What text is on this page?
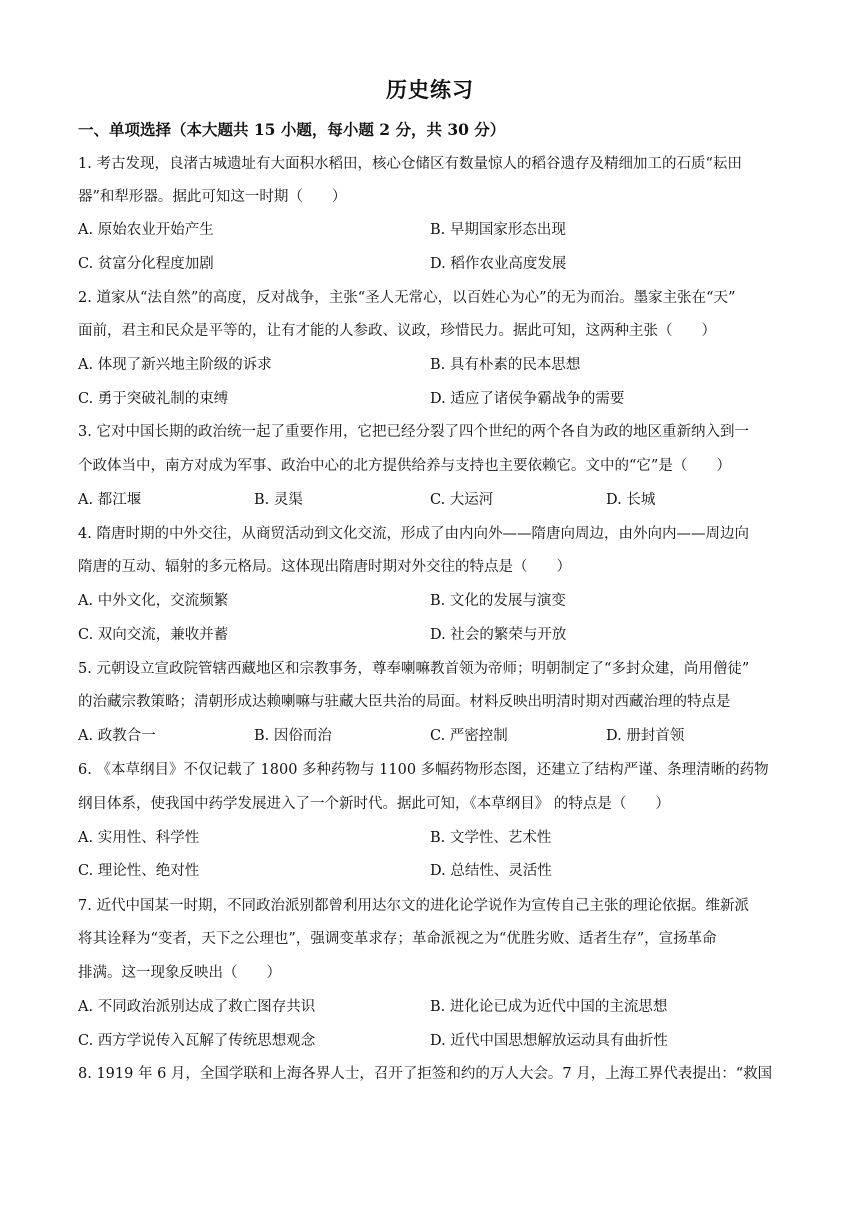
历史练习
一、单项选择（本大题共 15 小题，每小题 2 分，共 30 分）
1. 考古发现，良渚古城遗址有大面积水稻田，核心仓储区有数量惊人的稻谷遗存及精细加工的石质“耘田
器”和犁形器。据此可知这一时期（　　）
A. 原始农业开始产生	B. 早期国家形态出现
C. 贫富分化程度加剧	D. 稻作农业高度发展
2. 道家从“法自然”的高度，反对战争，主张“圣人无常心，以百姓心为心”的无为而治。墨家主张在“天”
面前，君主和民众是平等的，让有才能的人参政、议政，珍惜民力。据此可知，这两种主张（　　）
A. 体现了新兴地主阶级的诉求	B. 具有朴素的民本思想
C. 勇于突破礼制的束缚	D. 适应了诸侯争霸战争的需要
3. 它对中国长期的政治统一起了重要作用，它把已经分裂了四个世纪的两个各自为政的地区重新纳入到一
个政体当中，南方对成为军事、政治中心的北方提供给养与支持也主要依赖它。文中的“它”是（　　）
A. 都江堰	B. 灵渠	C. 大运河	D. 长城
4. 隋唐时期的中外交往，从商贸活动到文化交流，形成了由内向外——隋唐向周边，由外向内——周边向
隋唐的互动、辐射的多元格局。这体现出隋唐时期对外交往的特点是（　　）
A. 中外文化，交流频繁	B. 文化的发展与演变
C. 双向交流，兼收并蓄	D. 社会的繁荣与开放
5. 元朝设立宣政院管辖西藏地区和宗教事务，尊奉喇嘛教首领为帝师；明朝制定了“多封众建，尚用僧徒”
的治藏宗教策略；清朝形成达赖喇嘛与驻藏大臣共治的局面。材料反映出明清时期对西藏治理的特点是
A. 政教合一	B. 因俗而治	C. 严密控制	D. 册封首领
6. 《本草纲目》不仅记载了 1800 多种药物与 1100 多幅药物形态图，还建立了结构严谨、条理清晰的药物
纲目体系，使我国中药学发展进入了一个新时代。据此可知，《本草纲目》 的特点是（　　）
A. 实用性、科学性	B. 文学性、艺术性
C. 理论性、绝对性	D. 总结性、灵活性
7. 近代中国某一时期，不同政治派别都曾利用达尔文的进化论学说作为宣传自己主张的理论依据。维新派
将其诠释为“变者，天下之公理也”，强调变革求存；革命派视之为“优胜劣败、适者生存”，宣扬革命
排满。这一现象反映出（　　）
A. 不同政治派别达成了救亡图存共识	B. 进化论已成为近代中国的主流思想
C. 西方学说传入瓦解了传统思想观念	D. 近代中国思想解放运动具有曲折性
8. 1919 年 6 月，全国学联和上海各界人士，召开了拒签和约的万人大会。7 月，上海工界代表提出：“救国
